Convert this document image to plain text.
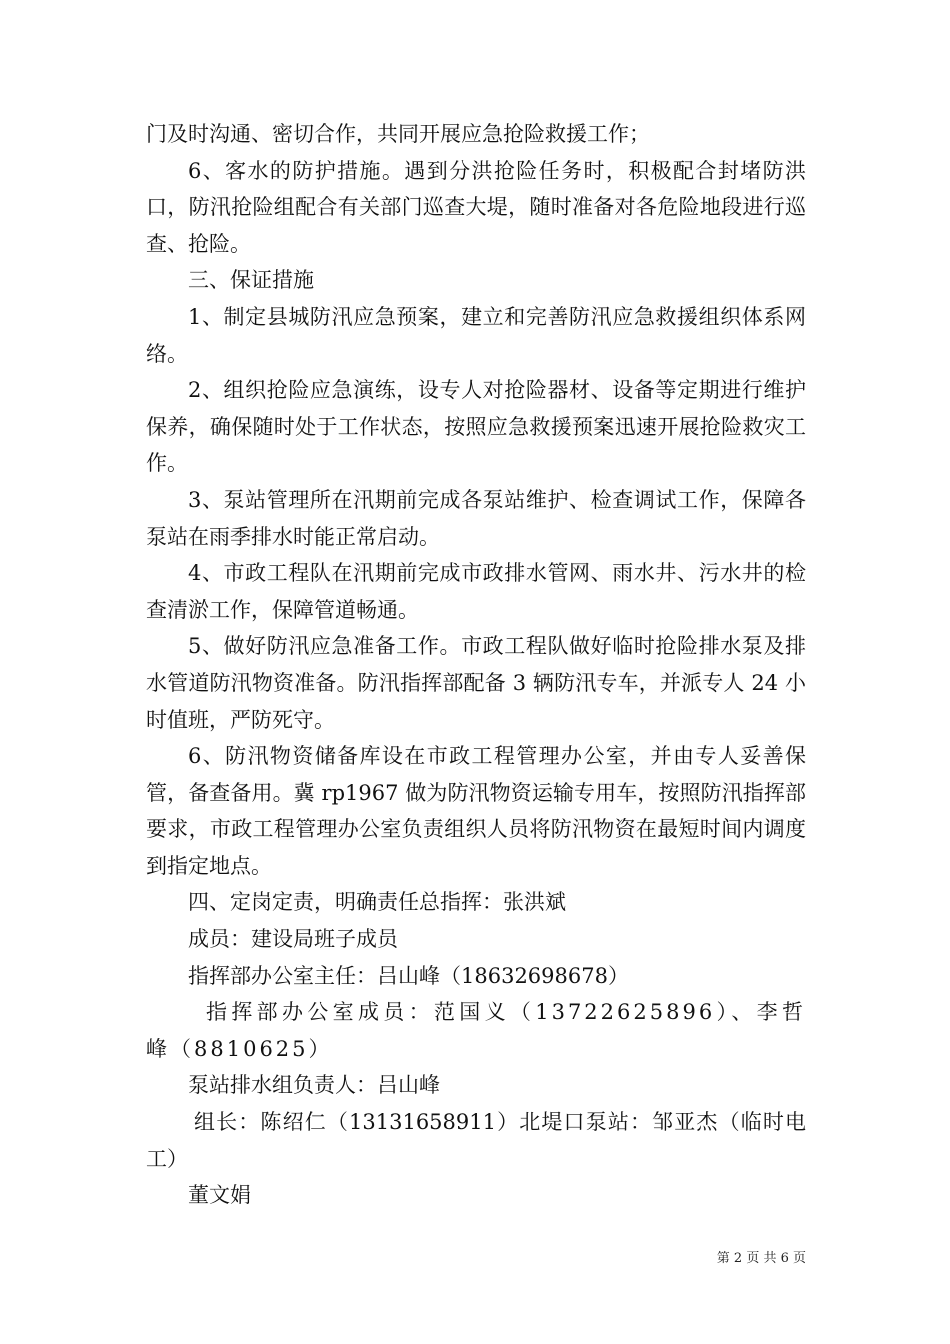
门及时沟通、密切合作，共同开展应急抢险救援工作；

6、客水的防护措施。遇到分洪抢险任务时，积极配合封堵防洪口，防汛抢险组配合有关部门巡查大堤，随时准备对各危险地段进行巡查、抢险。

三、保证措施

1、制定县城防汛应急预案，建立和完善防汛应急救援组织体系网络。

2、组织抢险应急演练，设专人对抢险器材、设备等定期进行维护保养，确保随时处于工作状态，按照应急救援预案迅速开展抢险救灾工作。

3、泵站管理所在汛期前完成各泵站维护、检查调试工作，保障各泵站在雨季排水时能正常启动。

4、市政工程队在汛期前完成市政排水管网、雨水井、污水井的检查清淤工作，保障管道畅通。

5、做好防汛应急准备工作。市政工程队做好临时抢险排水泵及排水管道防汛物资准备。防汛指挥部配备 3 辆防汛专车，并派专人 24 小时值班，严防死守。

6、防汛物资储备库设在市政工程管理办公室，并由专人妥善保管，备查备用。冀 rp1967 做为防汛物资运输专用车，按照防汛指挥部要求，市政工程管理办公室负责组织人员将防汛物资在最短时间内调度到指定地点。

四、定岗定责，明确责任总指挥：张洪斌

成员：建设局班子成员

指挥部办公室主任：吕山峰（18632698678）

指挥部办公室成员：范国义（13722625896）、李哲峰（8810625）

泵站排水组负责人：吕山峰

组长：陈绍仁（13131658911）北堤口泵站：邹亚杰（临时电工）

董文娟

第 2 页 共 6 页
